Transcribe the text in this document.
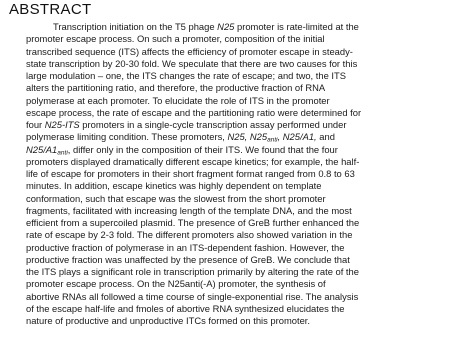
ABSTRACT
Transcription initiation on the T5 phage N25 promoter is rate-limited at the
promoter escape process. On such a promoter, composition of the initial
transcribed sequence (ITS) affects the efficiency of promoter escape in steady-
state transcription by 20-30 fold. We speculate that there are two causes for this
large modulation – one, the ITS changes the rate of escape; and two, the ITS
alters the partitioning ratio, and therefore, the productive fraction of RNA
polymerase at each promoter. To elucidate the role of ITS in the promoter
escape process, the rate of escape and the partitioning ratio were determined for
four N25-ITS promoters in a single-cycle transcription assay performed under
polymerase limiting condition. These promoters, N25, $N25_{anti}$, N25/A1, and
$N25/A1_{anti}$, differ only in the composition of their ITS. We found that the four
promoters displayed dramatically different escape kinetics; for example, the half-
life of escape for promoters in their short fragment format ranged from 0.8 to 63
minutes. In addition, escape kinetics was highly dependent on template
conformation, such that escape was the slowest from the short promoter
fragments, facilitated with increasing length of the template DNA, and the most
efficient from a supercoiled plasmid. The presence of GreB further enhanced the
rate of escape by 2-3 fold. The different promoters also showed variation in the
productive fraction of polymerase in an ITS-dependent fashion. However, the
productive fraction was unaffected by the presence of GreB. We conclude that
the ITS plays a significant role in transcription primarily by altering the rate of the
promoter escape process. On the N25anti(-A) promoter, the synthesis of
abortive RNAs all followed a time course of single-exponential rise. The analysis
of the escape half-life and fmoles of abortive RNA synthesized elucidates the
nature of productive and unproductive ITCs formed on this promoter.
